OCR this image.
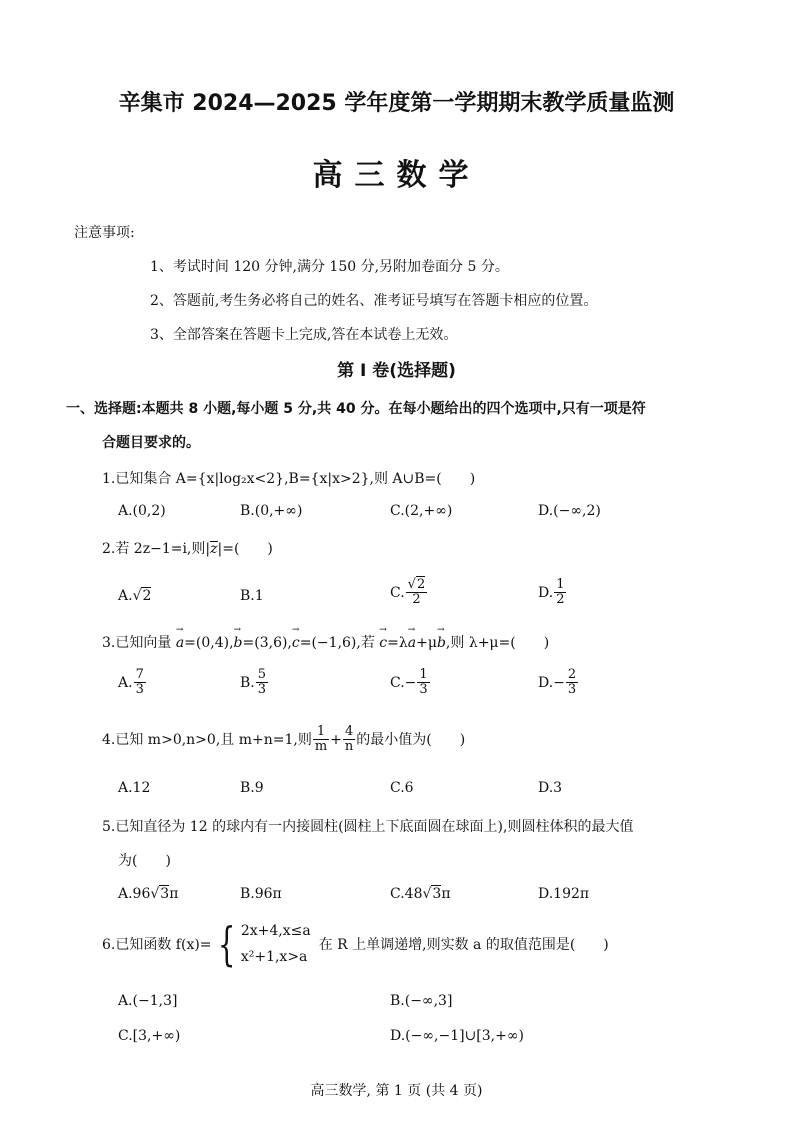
辛集市 2024—2025 学年度第一学期期末教学质量监测
高三数学
注意事项:
1、考试时间 120 分钟,满分 150 分,另附加卷面分 5 分。
2、答题前,考生务必将自己的姓名、准考证号填写在答题卡相应的位置。
3、全部答案在答题卡上完成,答在本试卷上无效。
第 I 卷(选择题)
一、选择题:本题共 8 小题,每小题 5 分,共 40 分。在每小题给出的四个选项中,只有一项是符
合题目要求的。
1.已知集合 A={x|log₂x<2},B={x|x>2},则 A∪B=(　　)
A.(0,2)	B.(0,+∞)	C.(2,+∞)	D.(−∞,2)
2.若 2z−1=i,则|z|=(　　)
A.√2	B.1	C. $\frac{√2}{2}$	D. $\frac{1}{2}$
3.已知向量 a →=(0,4),b →=(3,6),c →=(−1,6),若 c →=λa →+μb →,则 λ+μ=(　　)
A. $\frac{7}{3}$	B. $\frac{5}{3}$	$C.- \frac{1}{3}$	$D.- \frac{2}{3}$
4.已知 m>0,n>0,且 m+n=1,则 $\frac{1}{m} + \frac{4}{n}$ 的最小值为(　　)
A.12	B.9	C.6	D.3
5.已知直径为 12 的球内有一内接圆柱(圆柱上下底面圆在球面上),则圆柱体积的最大值
为(　　)
A.96√3π	B.96π	C.48√3π	D.192π
6.已知函数 f(x)= { 2x+4,x≤a
x²+1,x>a
在 R 上单调递增,则实数 a 的取值范围是(　　)
A.(−1,3]	B.(−∞,3]
C.[3,+∞)	D.(−∞,−1]∪[3,+∞)
高三数学, 第 1 页 (共 4 页)
